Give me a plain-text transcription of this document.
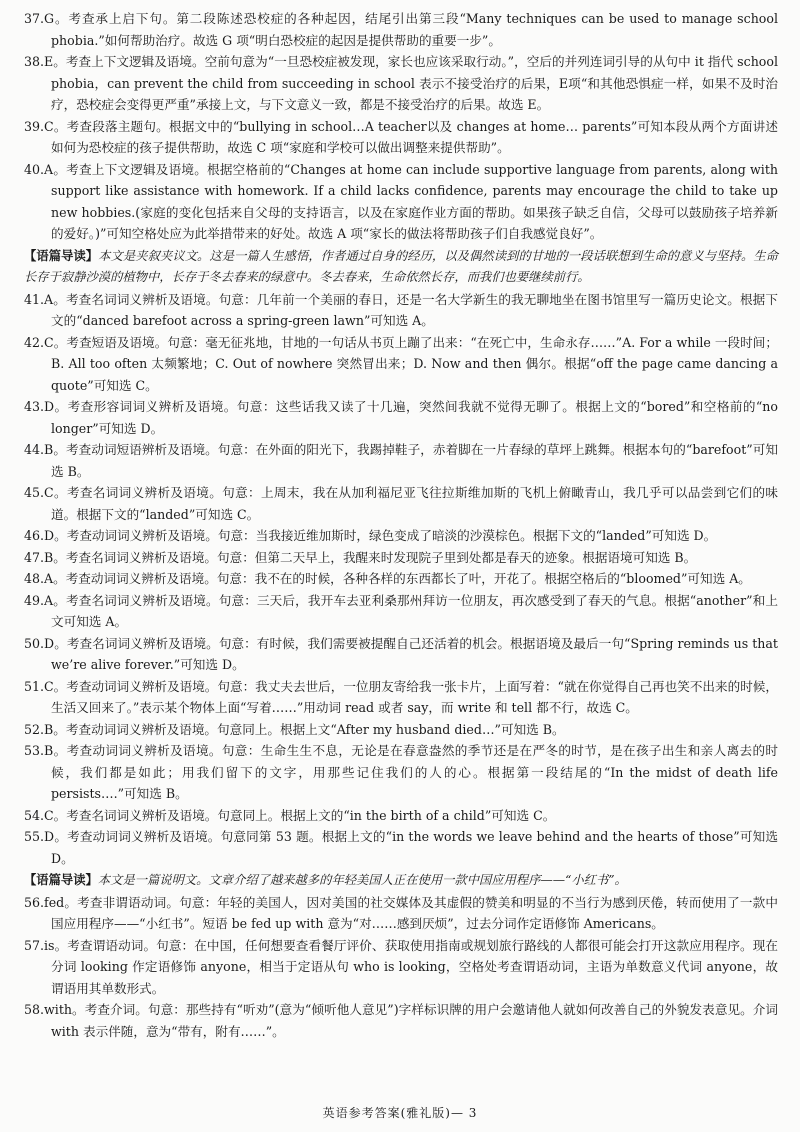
37.G。考查承上启下句。第二段陈述恐校症的各种起因，结尾引出第三段“Many techniques can be used to manage school phobia.”如何帮助治疗。故选 G 项“明白恐校症的起因是提供帮助的重要一步”。
38.E。考查上下文逻辑及语境。空前句意为“一旦恐校症被发现，家长也应该采取行动。”，空后的并列连词引导的从句中 it 指代 school phobia，can prevent the child from succeeding in school 表示不接受治疗的后果，E项“和其他恐惧症一样，如果不及时治疗，恐校症会变得更严重”承接上文，与下文意义一致，都是不接受治疗的后果。故选 E。
39.C。考查段落主题句。根据文中的“bullying in school…A teacher以及 changes at home… parents”可知本段从两个方面讲述如何为恐校症的孩子提供帮助，故选 C 项“家庭和学校可以做出调整来提供帮助”。
40.A。考查上下文逻辑及语境。根据空格前的“Changes at home can include supportive language from parents, along with support like assistance with homework. If a child lacks confidence, parents may encourage the child to take up new hobbies.(家庭的变化包括来自父母的支持语言，以及在家庭作业方面的帮助。如果孩子缺乏自信，父母可以鼓励孩子培养新的爱好。)”可知空格处应为此举措带来的好处。故选 A 项“家长的做法将帮助孩子们自我感觉良好”。
【语篇导读】本文是夹叙夹议文。这是一篇人生感悟，作者通过自身的经历，以及偶然读到的甘地的一段话联想到生命的意义与坚持。生命长存于寂静沙漠的植物中，长存于冬去春来的绿意中。冬去春来，生命依然长存，而我们也要继续前行。
41.A。考查名词词义辨析及语境。句意：几年前一个美丽的春日，还是一名大学新生的我无聊地坐在图书馆里写一篇历史论文。根据下文的“danced barefoot across a spring-green lawn”可知选 A。
42.C。考查短语及语境。句意：毫无征兆地，甘地的一句话从书页上蹦了出来：“在死亡中，生命永存……”A. For a while 一段时间；B. All too often 太频繁地；C. Out of nowhere 突然冒出来；D. Now and then 偶尔。根据“off the page came dancing a quote”可知选 C。
43.D。考查形容词词义辨析及语境。句意：这些话我又读了十几遍，突然间我就不觉得无聊了。根据上文的“bored”和空格前的“no longer”可知选 D。
44.B。考查动词短语辨析及语境。句意：在外面的阳光下，我踢掉鞋子，赤着脚在一片春绿的草坪上跳舞。根据本句的“barefoot”可知选 B。
45.C。考查名词词义辨析及语境。句意：上周末，我在从加利福尼亚飞往拉斯维加斯的飞机上俯瞰青山，我几乎可以品尝到它们的味道。根据下文的“landed”可知选 C。
46.D。考查动词词义辨析及语境。句意：当我接近维加斯时，绿色变成了暗淡的沙漠棕色。根据下文的“landed”可知选 D。
47.B。考查名词词义辨析及语境。句意：但第二天早上，我醒来时发现院子里到处都是春天的迹象。根据语境可知选 B。
48.A。考查动词词义辨析及语境。句意：我不在的时候，各种各样的东西都长了叶，开花了。根据空格后的“bloomed”可知选 A。
49.A。考查名词词义辨析及语境。句意：三天后，我开车去亚利桑那州拜访一位朋友，再次感受到了春天的气息。根据“another”和上文可知选 A。
50.D。考查名词词义辨析及语境。句意：有时候，我们需要被提醒自己还活着的机会。根据语境及最后一句“Spring reminds us that we’re alive forever.”可知选 D。
51.C。考查动词词义辨析及语境。句意：我丈夫去世后，一位朋友寄给我一张卡片，上面写着：“就在你觉得自己再也笑不出来的时候，生活又回来了。”表示某个物体上面“写着……”用动词 read 或者 say，而 write 和 tell 都不行，故选 C。
52.B。考查动词词义辨析及语境。句意同上。根据上文“After my husband died…”可知选 B。
53.B。考查动词词义辨析及语境。句意：生命生生不息，无论是在春意盎然的季节还是在严冬的时节，是在孩子出生和亲人离去的时候，我们都是如此；用我们留下的文字，用那些记住我们的人的心。根据第一段结尾的“In the midst of death life persists….”可知选 B。
54.C。考查名词词义辨析及语境。句意同上。根据上文的“in the birth of a child”可知选 C。
55.D。考查动词词义辨析及语境。句意同第 53 题。根据上文的“in the words we leave behind and the hearts of those”可知选 D。
【语篇导读】本文是一篇说明文。文章介绍了越来越多的年轻美国人正在使用一款中国应用程序——“小红书”。
56.fed。考查非谓语动词。句意：年轻的美国人，因对美国的社交媒体及其虚假的赞美和明显的不当行为感到厌倦，转而使用了一款中国应用程序——“小红书”。短语 be fed up with 意为“对……感到厌烦”，过去分词作定语修饰 Americans。
57.is。考查谓语动词。句意：在中国，任何想要查看餐厅评价、获取使用指南或规划旅行路线的人都很可能会打开这款应用程序。现在分词 looking 作定语修饰 anyone，相当于定语从句 who is looking，空格处考查谓语动词，主语为单数意义代词 anyone，故谓语用其单数形式。
58.with。考查介词。句意：那些持有“听劝”(意为“倾听他人意见”)字样标识牌的用户会邀请他人就如何改善自己的外貌发表意见。介词 with 表示伴随，意为“带有，附有……”。
英语参考答案(雅礼版)— 3
